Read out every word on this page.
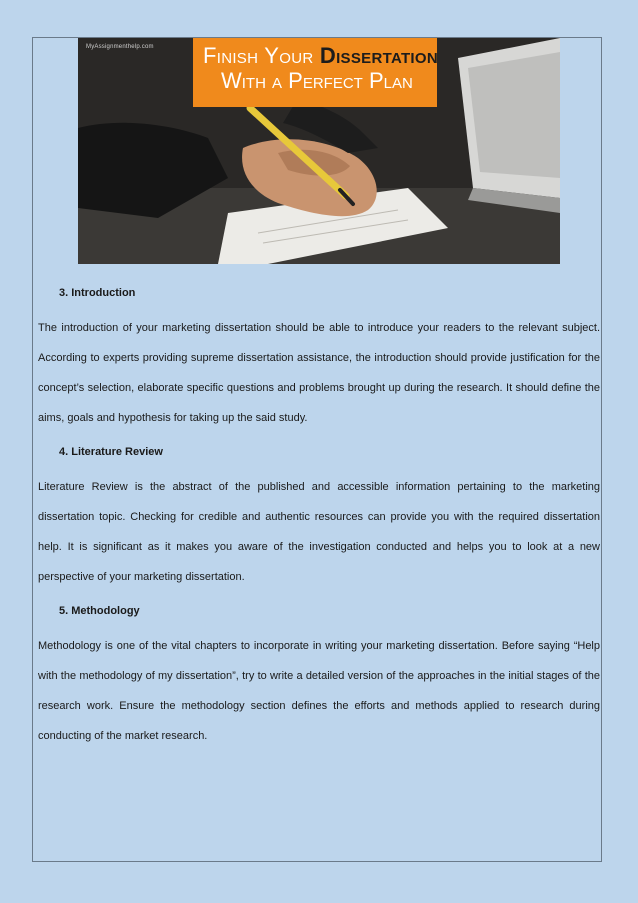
MyAssignmenthelp.com Finish Your Dissertation
With a Perfect Plan
3. Introduction

The introduction of your marketing dissertation should be able to introduce your readers to the relevant subject. According to experts providing supreme dissertation assistance, the introduction should provide justification for the concept’s selection, elaborate specific questions and problems brought up during the research. It should define the aims, goals and hypothesis for taking up the said study.

4. Literature Review

Literature Review is the abstract of the published and accessible information pertaining to the marketing dissertation topic. Checking for credible and authentic resources can provide you with the required dissertation help. It is significant as it makes you aware of the investigation conducted and helps you to look at a new perspective of your marketing dissertation.

5. Methodology

Methodology is one of the vital chapters to incorporate in writing your marketing dissertation. Before saying “Help with the methodology of my dissertation”, try to write a detailed version of the approaches in the initial stages of the research work. Ensure the methodology section defines the efforts and methods applied to research during conducting of the market research.
